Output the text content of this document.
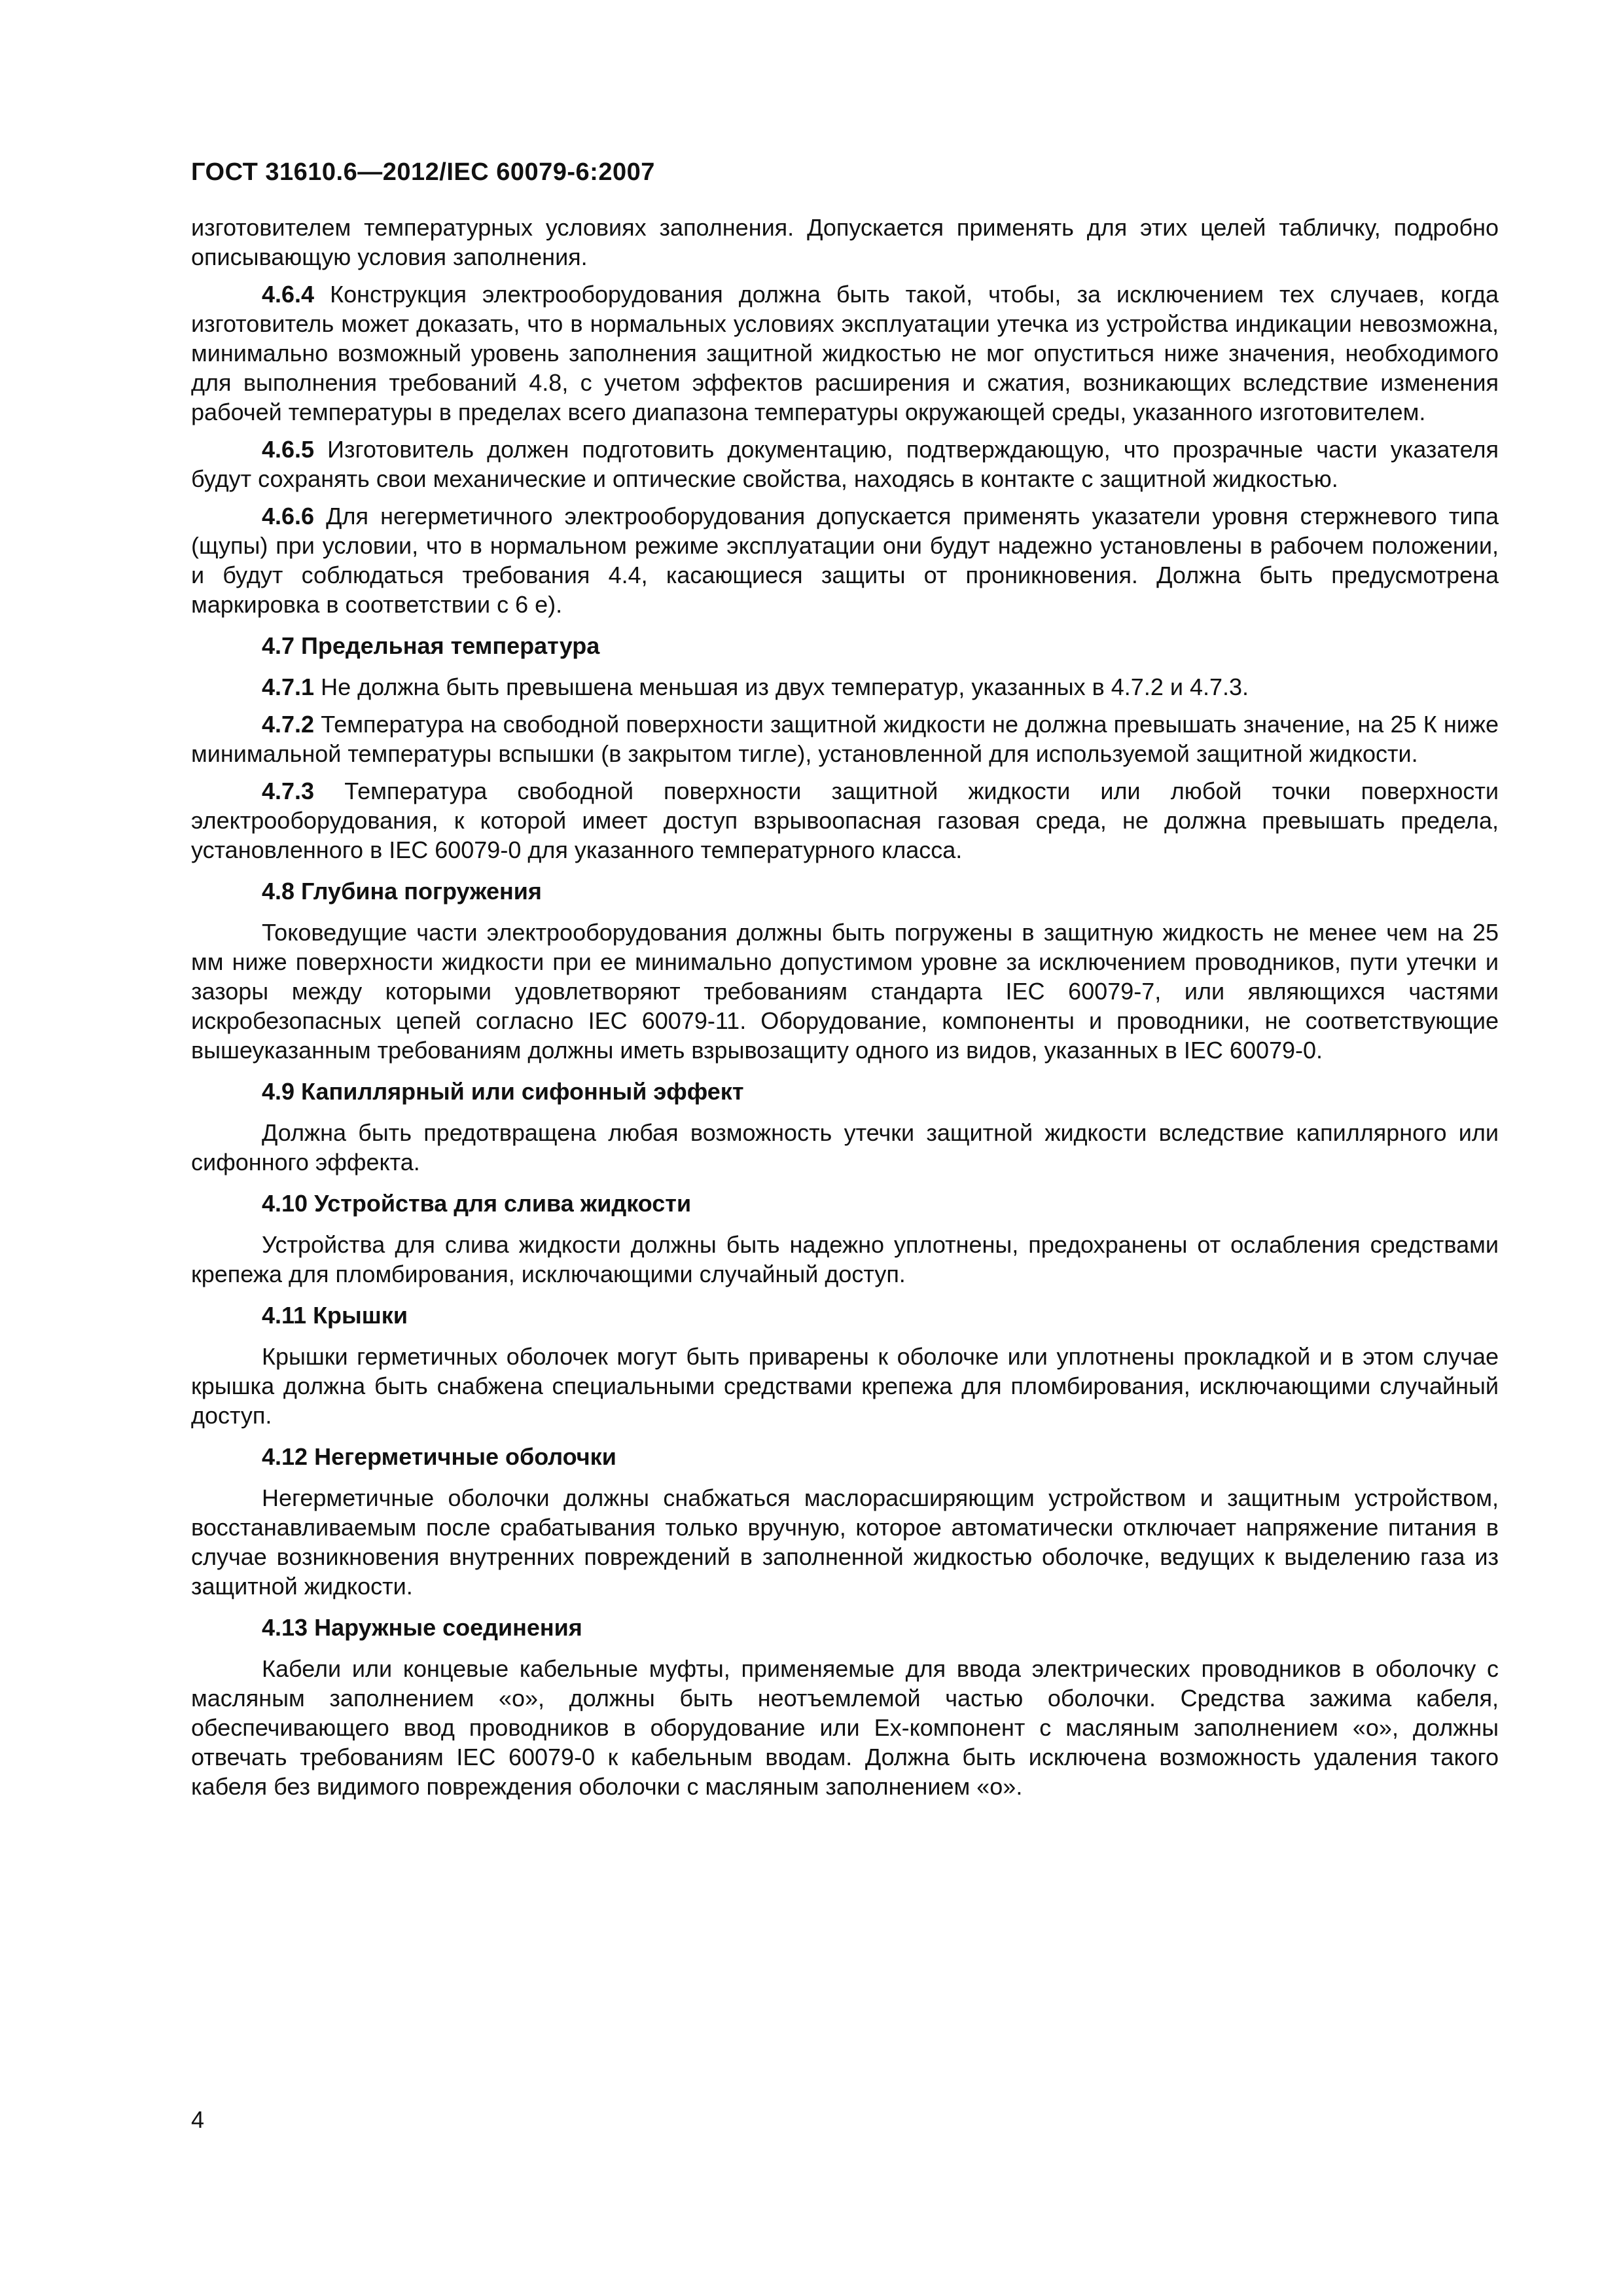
ГОСТ 31610.6—2012/IEC 60079-6:2007

изготовителем температурных условиях заполнения. Допускается применять для этих целей табличку, подробно описывающую условия заполнения.

4.6.4 Конструкция электрооборудования должна быть такой, чтобы, за исключением тех случаев, когда изготовитель может доказать, что в нормальных условиях эксплуатации утечка из устройства индикации невозможна, минимально возможный уровень заполнения защитной жидкостью не мог опуститься ниже значения, необходимого для выполнения требований 4.8, с учетом эффектов расширения и сжатия, возникающих вследствие изменения рабочей температуры в пределах всего диапазона температуры окружающей среды, указанного изготовителем.

4.6.5 Изготовитель должен подготовить документацию, подтверждающую, что прозрачные части указателя будут сохранять свои механические и оптические свойства, находясь в контакте с защитной жидкостью.

4.6.6 Для негерметичного электрооборудования допускается применять указатели уровня стержневого типа (щупы) при условии, что в нормальном режиме эксплуатации они будут надежно установлены в рабочем положении, и будут соблюдаться требования 4.4, касающиеся защиты от проникновения. Должна быть предусмотрена маркировка в соответствии с 6 е).

4.7 Предельная температура

4.7.1 Не должна быть превышена меньшая из двух температур, указанных в 4.7.2 и 4.7.3.

4.7.2 Температура на свободной поверхности защитной жидкости не должна превышать значение, на 25 К ниже минимальной температуры вспышки (в закрытом тигле), установленной для используемой защитной жидкости.

4.7.3 Температура свободной поверхности защитной жидкости или любой точки поверхности электрооборудования, к которой имеет доступ взрывоопасная газовая среда, не должна превышать предела, установленного в IEC 60079-0 для указанного температурного класса.

4.8 Глубина погружения

Токоведущие части электрооборудования должны быть погружены в защитную жидкость не менее чем на 25 мм ниже поверхности жидкости при ее минимально допустимом уровне за исключением проводников, пути утечки и зазоры между которыми удовлетворяют требованиям стандарта IEC 60079-7, или являющихся частями искробезопасных цепей согласно IEC 60079-11. Оборудование, компоненты и проводники, не соответствующие вышеуказанным требованиям должны иметь взрывозащиту одного из видов, указанных в IEC 60079-0.

4.9 Капиллярный или сифонный эффект

Должна быть предотвращена любая возможность утечки защитной жидкости вследствие капиллярного или сифонного эффекта.

4.10 Устройства для слива жидкости

Устройства для слива жидкости должны быть надежно уплотнены, предохранены от ослабления средствами крепежа для пломбирования, исключающими случайный доступ.

4.11 Крышки

Крышки герметичных оболочек могут быть приварены к оболочке или уплотнены прокладкой и в этом случае крышка должна быть снабжена специальными средствами крепежа для пломбирования, исключающими случайный доступ.

4.12 Негерметичные оболочки

Негерметичные оболочки должны снабжаться маслорасширяющим устройством и защитным устройством, восстанавливаемым после срабатывания только вручную, которое автоматически отключает напряжение питания в случае возникновения внутренних повреждений в заполненной жидкостью оболочке, ведущих к выделению газа из защитной жидкости.

4.13 Наружные соединения

Кабели или концевые кабельные муфты, применяемые для ввода электрических проводников в оболочку с масляным заполнением «о», должны быть неотъемлемой частью оболочки. Средства зажима кабеля, обеспечивающего ввод проводников в оборудование или Ex-компонент с масляным заполнением «о», должны отвечать требованиям IEC 60079-0 к кабельным вводам. Должна быть исключена возможность удаления такого кабеля без видимого повреждения оболочки с масляным заполнением «о».

4
